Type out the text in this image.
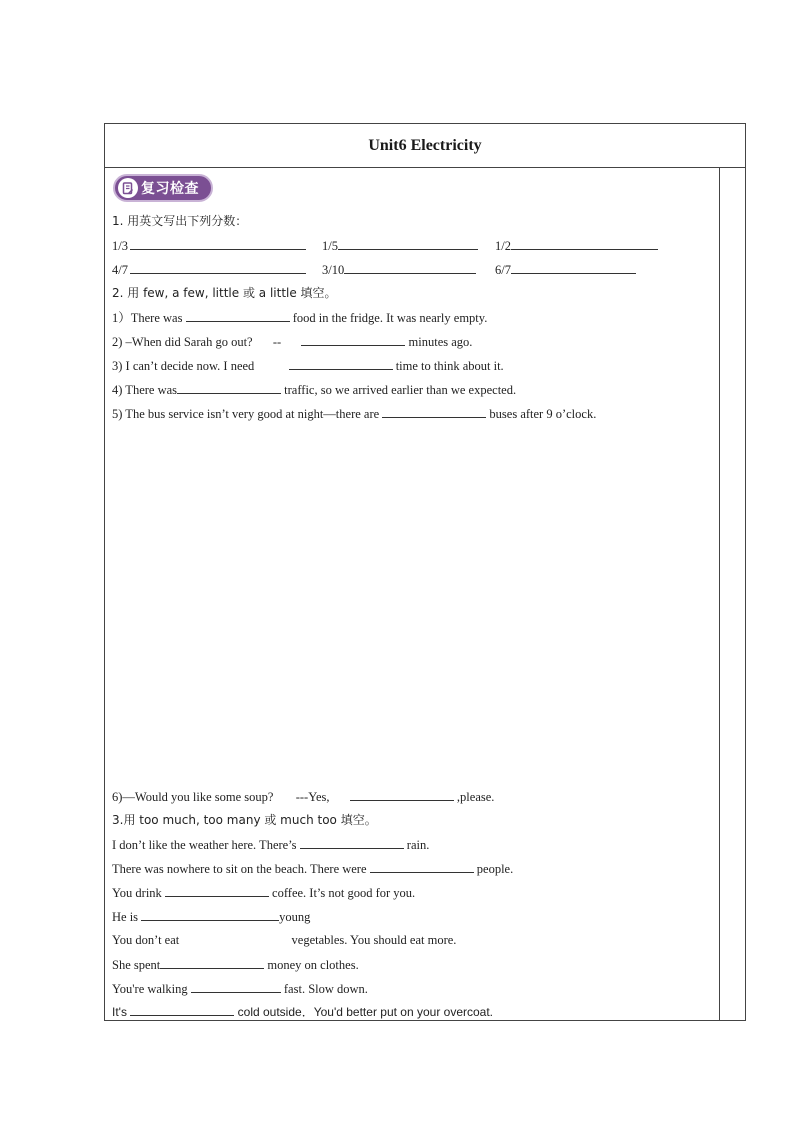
Unit6 Electricity
复习检查
1. 用英文写出下列分数：
1/3	1/5	1/2
4/7	3/10	6/7
2. 用 few, a few, little 或 a little 填空。
1）There was	food in the fridge. It was nearly empty.
2) –When did Sarah go out? --	minutes ago.
3) I can’t decide now. I need	time to think about it.
4) There was	traffic, so we arrived earlier than we expected.
5) The bus service isn’t very good at night—there are	buses after 9 o’clock.
6)—Would you like some soup? ---Yes,	,please.
3.用 too much, too many 或 much too 填空。
I don’t like the weather here. There’s	rain.
There was nowhere to sit on the beach. There were	people.
You drink	coffee. It’s not good for you.
He is	young
You don’t eat	vegetables. You should eat more.
She spent	money on clothes.
You're walking	fast. Slow down.
It's	cold outside．You'd better put on your overcoat.
